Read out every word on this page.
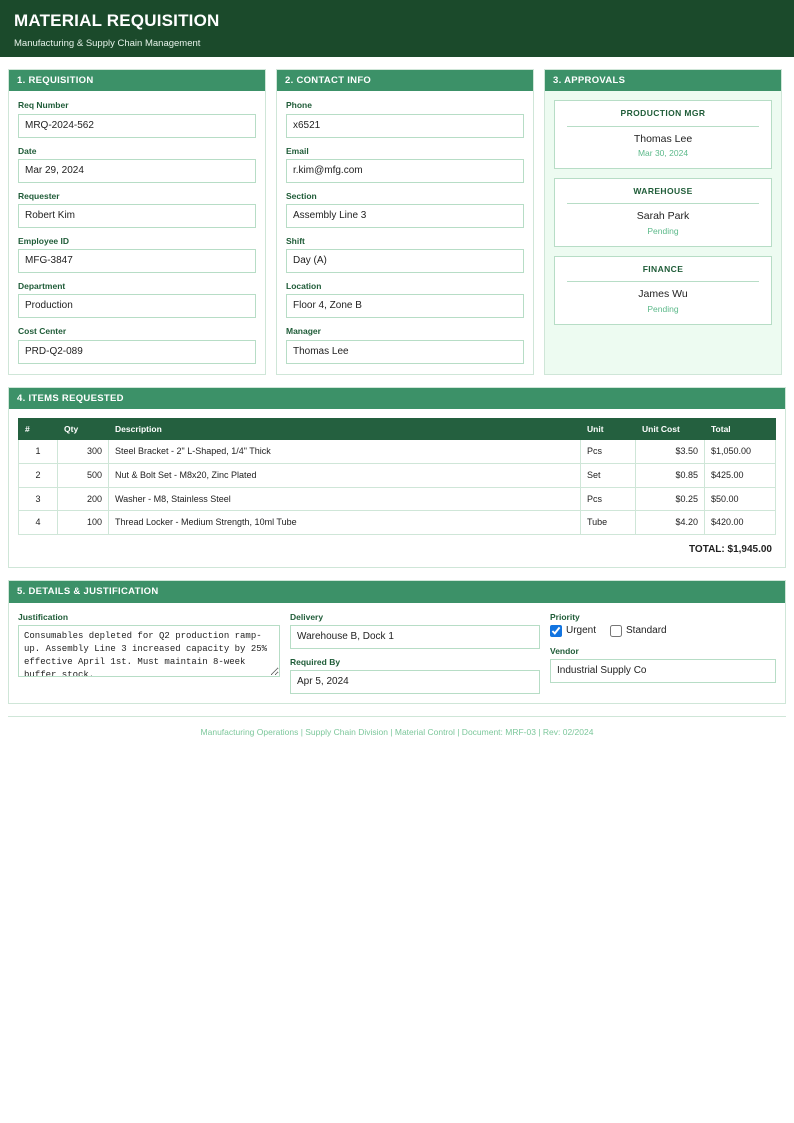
MATERIAL REQUISITION
Manufacturing & Supply Chain Management
1. REQUISITION
Req Number
MRQ-2024-562
Date
Mar 29, 2024
Requester
Robert Kim
Employee ID
MFG-3847
Department
Production
Cost Center
PRD-Q2-089
2. CONTACT INFO
Phone
x6521
Email
r.kim@mfg.com
Section
Assembly Line 3
Shift
Day (A)
Location
Floor 4, Zone B
Manager
Thomas Lee
3. APPROVALS
PRODUCTION MGR
Thomas Lee
Mar 30, 2024
WAREHOUSE
Sarah Park
Pending
FINANCE
James Wu
Pending
4. ITEMS REQUESTED
#	Qty	Description	Unit	Unit Cost	Total
1	300	Steel Bracket - 2" L-Shaped, 1/4" Thick	Pcs	$3.50	$1,050.00
2	500	Nut & Bolt Set - M8x20, Zinc Plated	Set	$0.85	$425.00
3	200	Washer - M8, Stainless Steel	Pcs	$0.25	$50.00
4	100	Thread Locker - Medium Strength, 10ml Tube	Tube	$4.20	$420.00
TOTAL: $1,945.00
5. DETAILS & JUSTIFICATION
Justification
Consumables depleted for Q2 production ramp-up. Assembly Line 3 increased capacity by 25% effective April 1st. Must maintain 8-week buffer stock.	Delivery
Warehouse B, Dock 1
Required By
Apr 5, 2024
Priority
Urgent	Standard
Vendor
Industrial Supply Co
Manufacturing Operations | Supply Chain Division | Material Control | Document: MRF-03 | Rev: 02/2024
